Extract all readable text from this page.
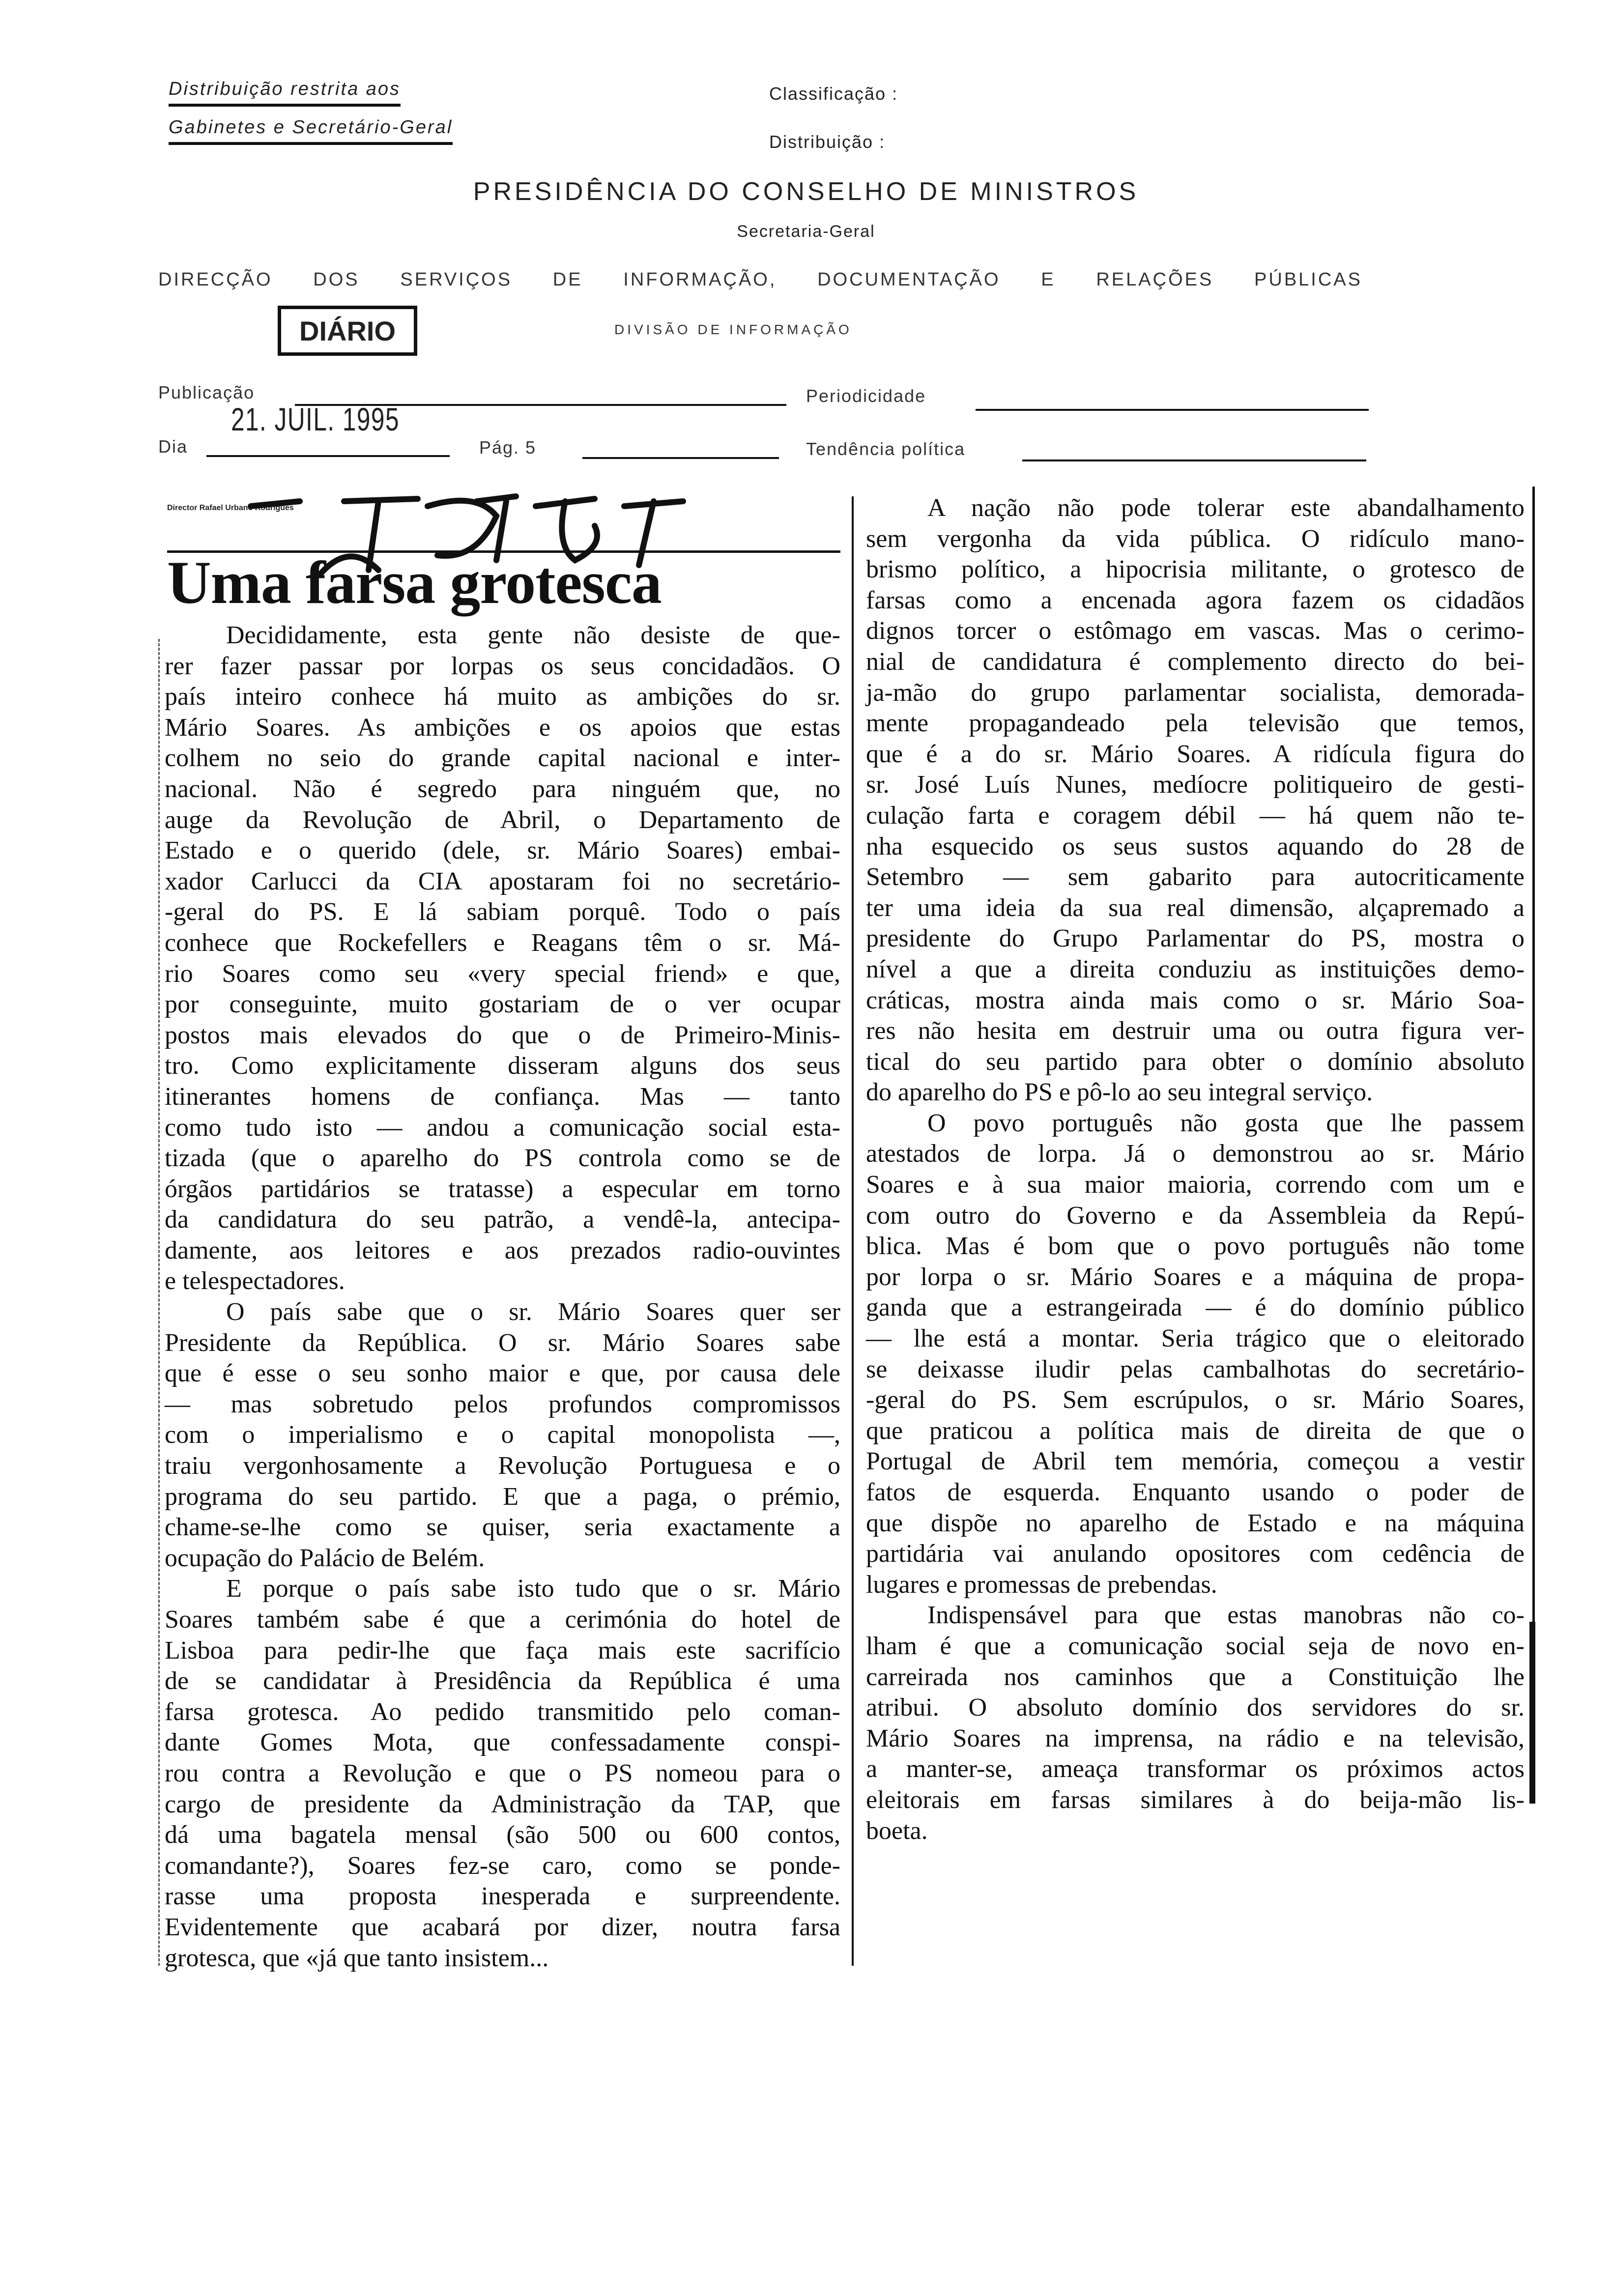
Distribuição restrita aos
Gabinetes e Secretário-Geral
Classificação :
Distribuição :
PRESIDÊNCIA DO CONSELHO DE MINISTROS
Secretaria-Geral
DIRECÇÃO DOS SERVIÇOS DE INFORMAÇÃO, DOCUMENTAÇÃO E RELAÇÕES PÚBLICAS
DIÁRIO	DIVISÃO DE INFORMAÇÃO
Publicação	Periodicidade
Dia
21. JUIL. 1995
Pág. 5	Tendência política
Director Rafael Urbano Rodrigues
Uma farsa grotesca
Decididamente, esta gente não desiste de que-
rer fazer passar por lorpas os seus concidadãos. O
país inteiro conhece há muito as ambições do sr.
Mário Soares. As ambições e os apoios que estas
colhem no seio do grande capital nacional e inter-
nacional. Não é segredo para ninguém que, no
auge da Revolução de Abril, o Departamento de
Estado e o querido (dele, sr. Mário Soares) embai-
xador Carlucci da CIA apostaram foi no secretário-
-geral do PS. E lá sabiam porquê. Todo o país
conhece que Rockefellers e Reagans têm o sr. Má-
rio Soares como seu «very special friend» e que,
por conseguinte, muito gostariam de o ver ocupar
postos mais elevados do que o de Primeiro-Minis-
tro. Como explicitamente disseram alguns dos seus
itinerantes homens de confiança. Mas — tanto
como tudo isto — andou a comunicação social esta-
tizada (que o aparelho do PS controla como se de
órgãos partidários se tratasse) a especular em torno
da candidatura do seu patrão, a vendê-la, antecipa-
damente, aos leitores e aos prezados radio-ouvintes
e telespectadores.
O país sabe que o sr. Mário Soares quer ser
Presidente da República. O sr. Mário Soares sabe
que é esse o seu sonho maior e que, por causa dele
— mas sobretudo pelos profundos compromissos
com o imperialismo e o capital monopolista —,
traiu vergonhosamente a Revolução Portuguesa e o
programa do seu partido. E que a paga, o prémio,
chame-se-lhe como se quiser, seria exactamente a
ocupação do Palácio de Belém.
E porque o país sabe isto tudo que o sr. Mário
Soares também sabe é que a cerimónia do hotel de
Lisboa para pedir-lhe que faça mais este sacrifício
de se candidatar à Presidência da República é uma
farsa grotesca. Ao pedido transmitido pelo coman-
dante Gomes Mota, que confessadamente conspi-
rou contra a Revolução e que o PS nomeou para o
cargo de presidente da Administração da TAP, que
dá uma bagatela mensal (são 500 ou 600 contos,
comandante?), Soares fez-se caro, como se ponde-
rasse uma proposta inesperada e surpreendente.
Evidentemente que acabará por dizer, noutra farsa
grotesca, que «já que tanto insistem...
A nação não pode tolerar este abandalhamento
sem vergonha da vida pública. O ridículo mano-
brismo político, a hipocrisia militante, o grotesco de
farsas como a encenada agora fazem os cidadãos
dignos torcer o estômago em vascas. Mas o cerimo-
nial de candidatura é complemento directo do bei-
ja-mão do grupo parlamentar socialista, demorada-
mente propagandeado pela televisão que temos,
que é a do sr. Mário Soares. A ridícula figura do
sr. José Luís Nunes, medíocre politiqueiro de gesti-
culação farta e coragem débil — há quem não te-
nha esquecido os seus sustos aquando do 28 de
Setembro — sem gabarito para autocriticamente
ter uma ideia da sua real dimensão, alçapremado a
presidente do Grupo Parlamentar do PS, mostra o
nível a que a direita conduziu as instituições demo-
cráticas, mostra ainda mais como o sr. Mário Soa-
res não hesita em destruir uma ou outra figura ver-
tical do seu partido para obter o domínio absoluto
do aparelho do PS e pô-lo ao seu integral serviço.
O povo português não gosta que lhe passem
atestados de lorpa. Já o demonstrou ao sr. Mário
Soares e à sua maior maioria, correndo com um e
com outro do Governo e da Assembleia da Repú-
blica. Mas é bom que o povo português não tome
por lorpa o sr. Mário Soares e a máquina de propa-
ganda que a estrangeirada — é do domínio público
— lhe está a montar. Seria trágico que o eleitorado
se deixasse iludir pelas cambalhotas do secretário-
-geral do PS. Sem escrúpulos, o sr. Mário Soares,
que praticou a política mais de direita de que o
Portugal de Abril tem memória, começou a vestir
fatos de esquerda. Enquanto usando o poder de
que dispõe no aparelho de Estado e na máquina
partidária vai anulando opositores com cedência de
lugares e promessas de prebendas.
Indispensável para que estas manobras não co-
lham é que a comunicação social seja de novo en-
carreirada nos caminhos que a Constituição lhe
atribui. O absoluto domínio dos servidores do sr.
Mário Soares na imprensa, na rádio e na televisão,
a manter-se, ameaça transformar os próximos actos
eleitorais em farsas similares à do beija-mão lis-
boeta.
